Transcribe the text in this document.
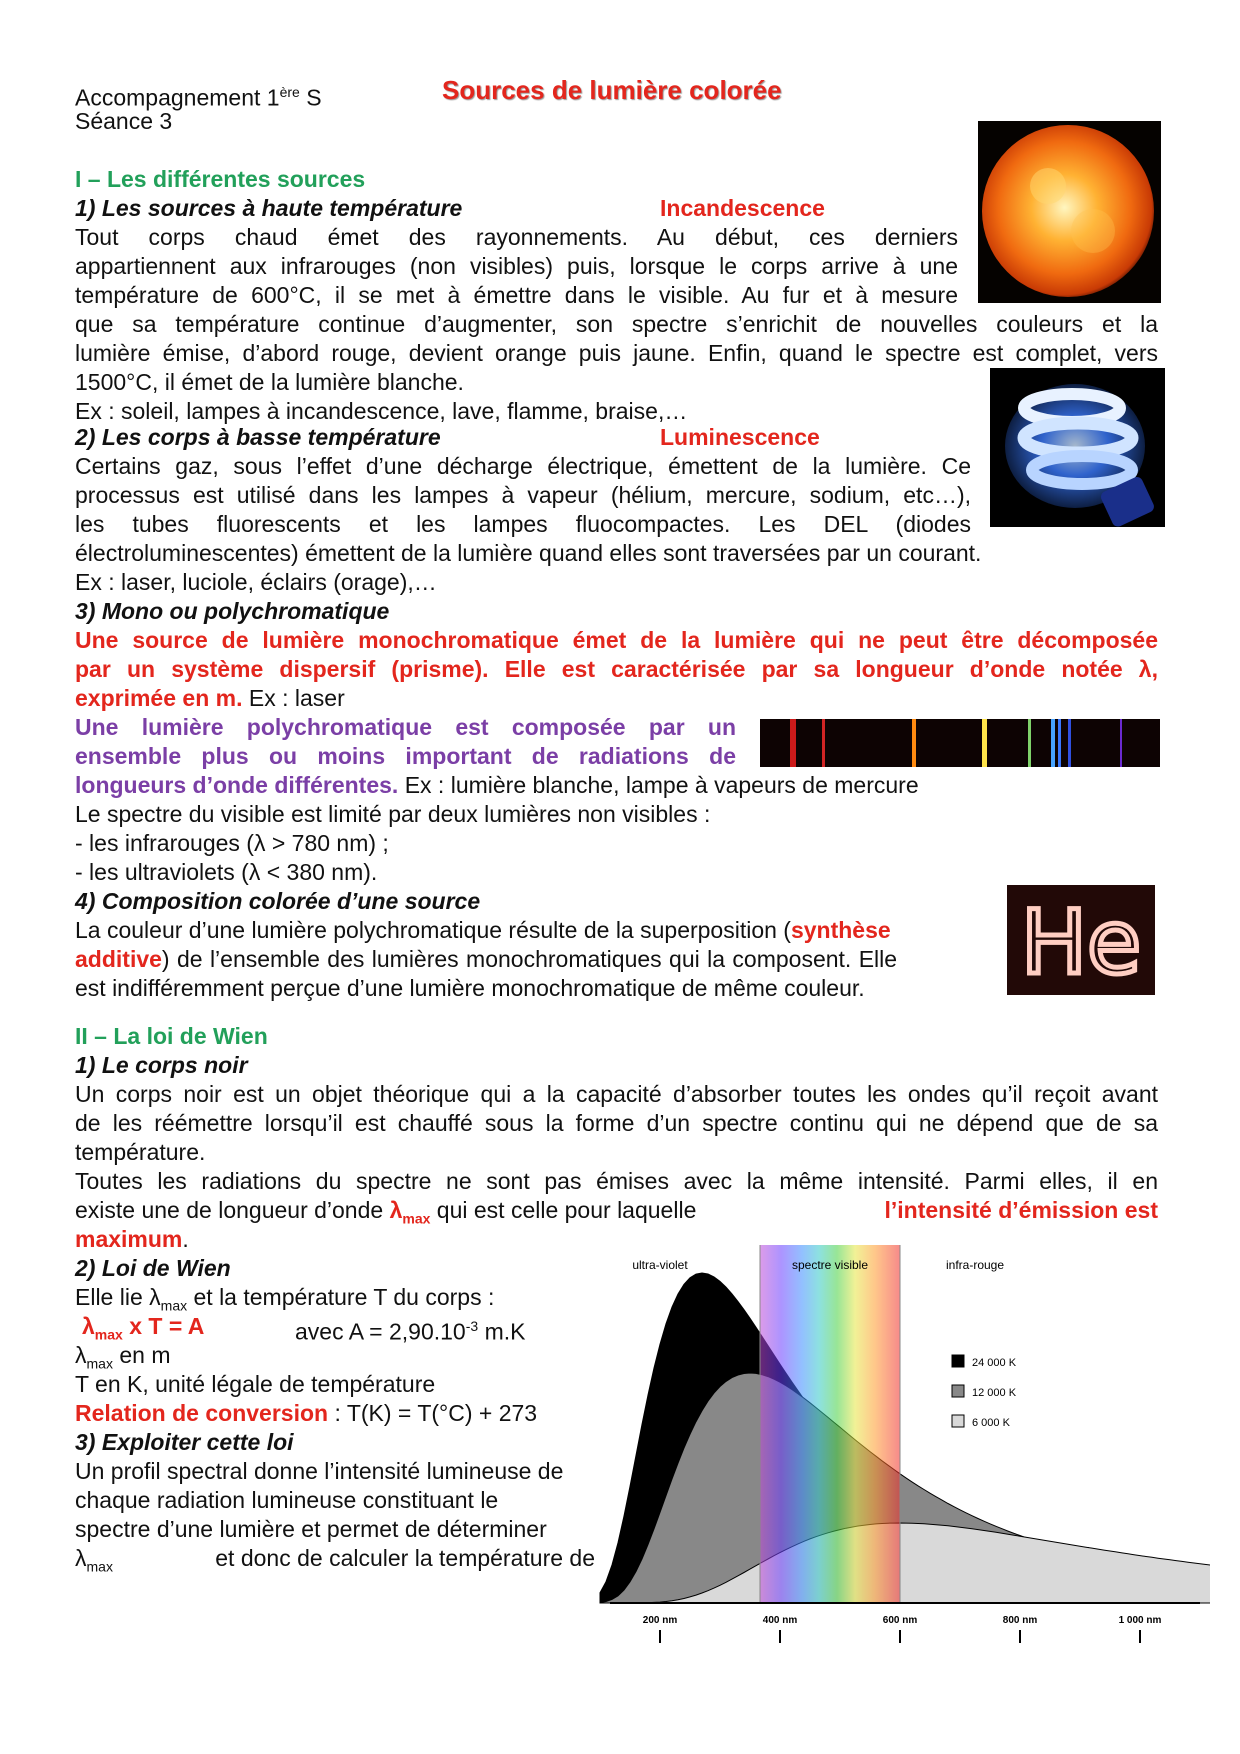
Accompagnement 1ère S
Séance 3
Sources de lumière colorée
I – Les différentes sources
1) Les sources à haute température	Incandescence
Tout corps chaud émet des rayonnements. Au début, ces derniers
appartiennent aux infrarouges (non visibles) puis, lorsque le corps arrive à une
température de 600°C, il se met à émettre dans le visible. Au fur et à mesure
que sa température continue d’augmenter, son spectre s’enrichit de nouvelles couleurs et la
lumière émise, d’abord rouge, devient orange puis jaune. Enfin, quand le spectre est complet, vers
1500°C, il émet de la lumière blanche.
Ex : soleil, lampes à incandescence, lave, flamme, braise,…
2) Les corps à basse température	Luminescence
Certains gaz, sous l’effet d’une décharge électrique, émettent de la lumière. Ce
processus est utilisé dans les lampes à vapeur (hélium, mercure, sodium, etc…),
les tubes fluorescents et les lampes fluocompactes. Les DEL (diodes
électroluminescentes) émettent de la lumière quand elles sont traversées par un courant.
Ex : laser, luciole, éclairs (orage),…
3) Mono ou polychromatique
Une source de lumière monochromatique émet de la lumière qui ne peut être décomposée
par un système dispersif (prisme). Elle est caractérisée par sa longueur d’onde notée λ,
exprimée en m. Ex : laser
Une lumière polychromatique est composée par un
ensemble plus ou moins important de radiations de
longueurs d’onde différentes. Ex : lumière blanche, lampe à vapeurs de mercure
Le spectre du visible est limité par deux lumières non visibles :
- les infrarouges (λ > 780 nm) ;
- les ultraviolets (λ < 380 nm).
4) Composition colorée d’une source
La couleur d’une lumière polychromatique résulte de la superposition (synthèse
additive) de l’ensemble des lumières monochromatiques qui la composent. Elle
est indifféremment perçue d’une lumière monochromatique de même couleur. He
II – La loi de Wien
1) Le corps noir
Un corps noir est un objet théorique qui a la capacité d’absorber toutes les ondes qu’il reçoit avant
de les réémettre lorsqu’il est chauffé sous la forme d’un spectre continu qui ne dépend que de sa
température.
Toutes les radiations du spectre ne sont pas émises avec la même intensité. Parmi elles, il en
existe une de longueur d’onde $\lambda_{max}$ qui est celle pour laquelle	l’intensité d’émission est
maximum.
2) Loi de Wien
Elle lie $\lambda_{max}$ et la température T du corps :
$\lambda_{max}$ x T = A	avec $A = 2,90.10^{-3}$ m.K
$\lambda_{max}$ en m
T en K, unité légale de température
Relation de conversion : T(K) = T(°C) + 273
3) Exploiter cette loi
Un profil spectral donne l’intensité lumineuse de
chaque radiation lumineuse constituant le
spectre d’une lumière et permet de déterminer
$\lambda_{max}$	et donc de calculer la température de
ultra-violet	spectre visible	infra-rouge
200 nm	400 nm	600 nm	800 nm	1 000 nm
24 000 K
12 000 K
6 000 K
